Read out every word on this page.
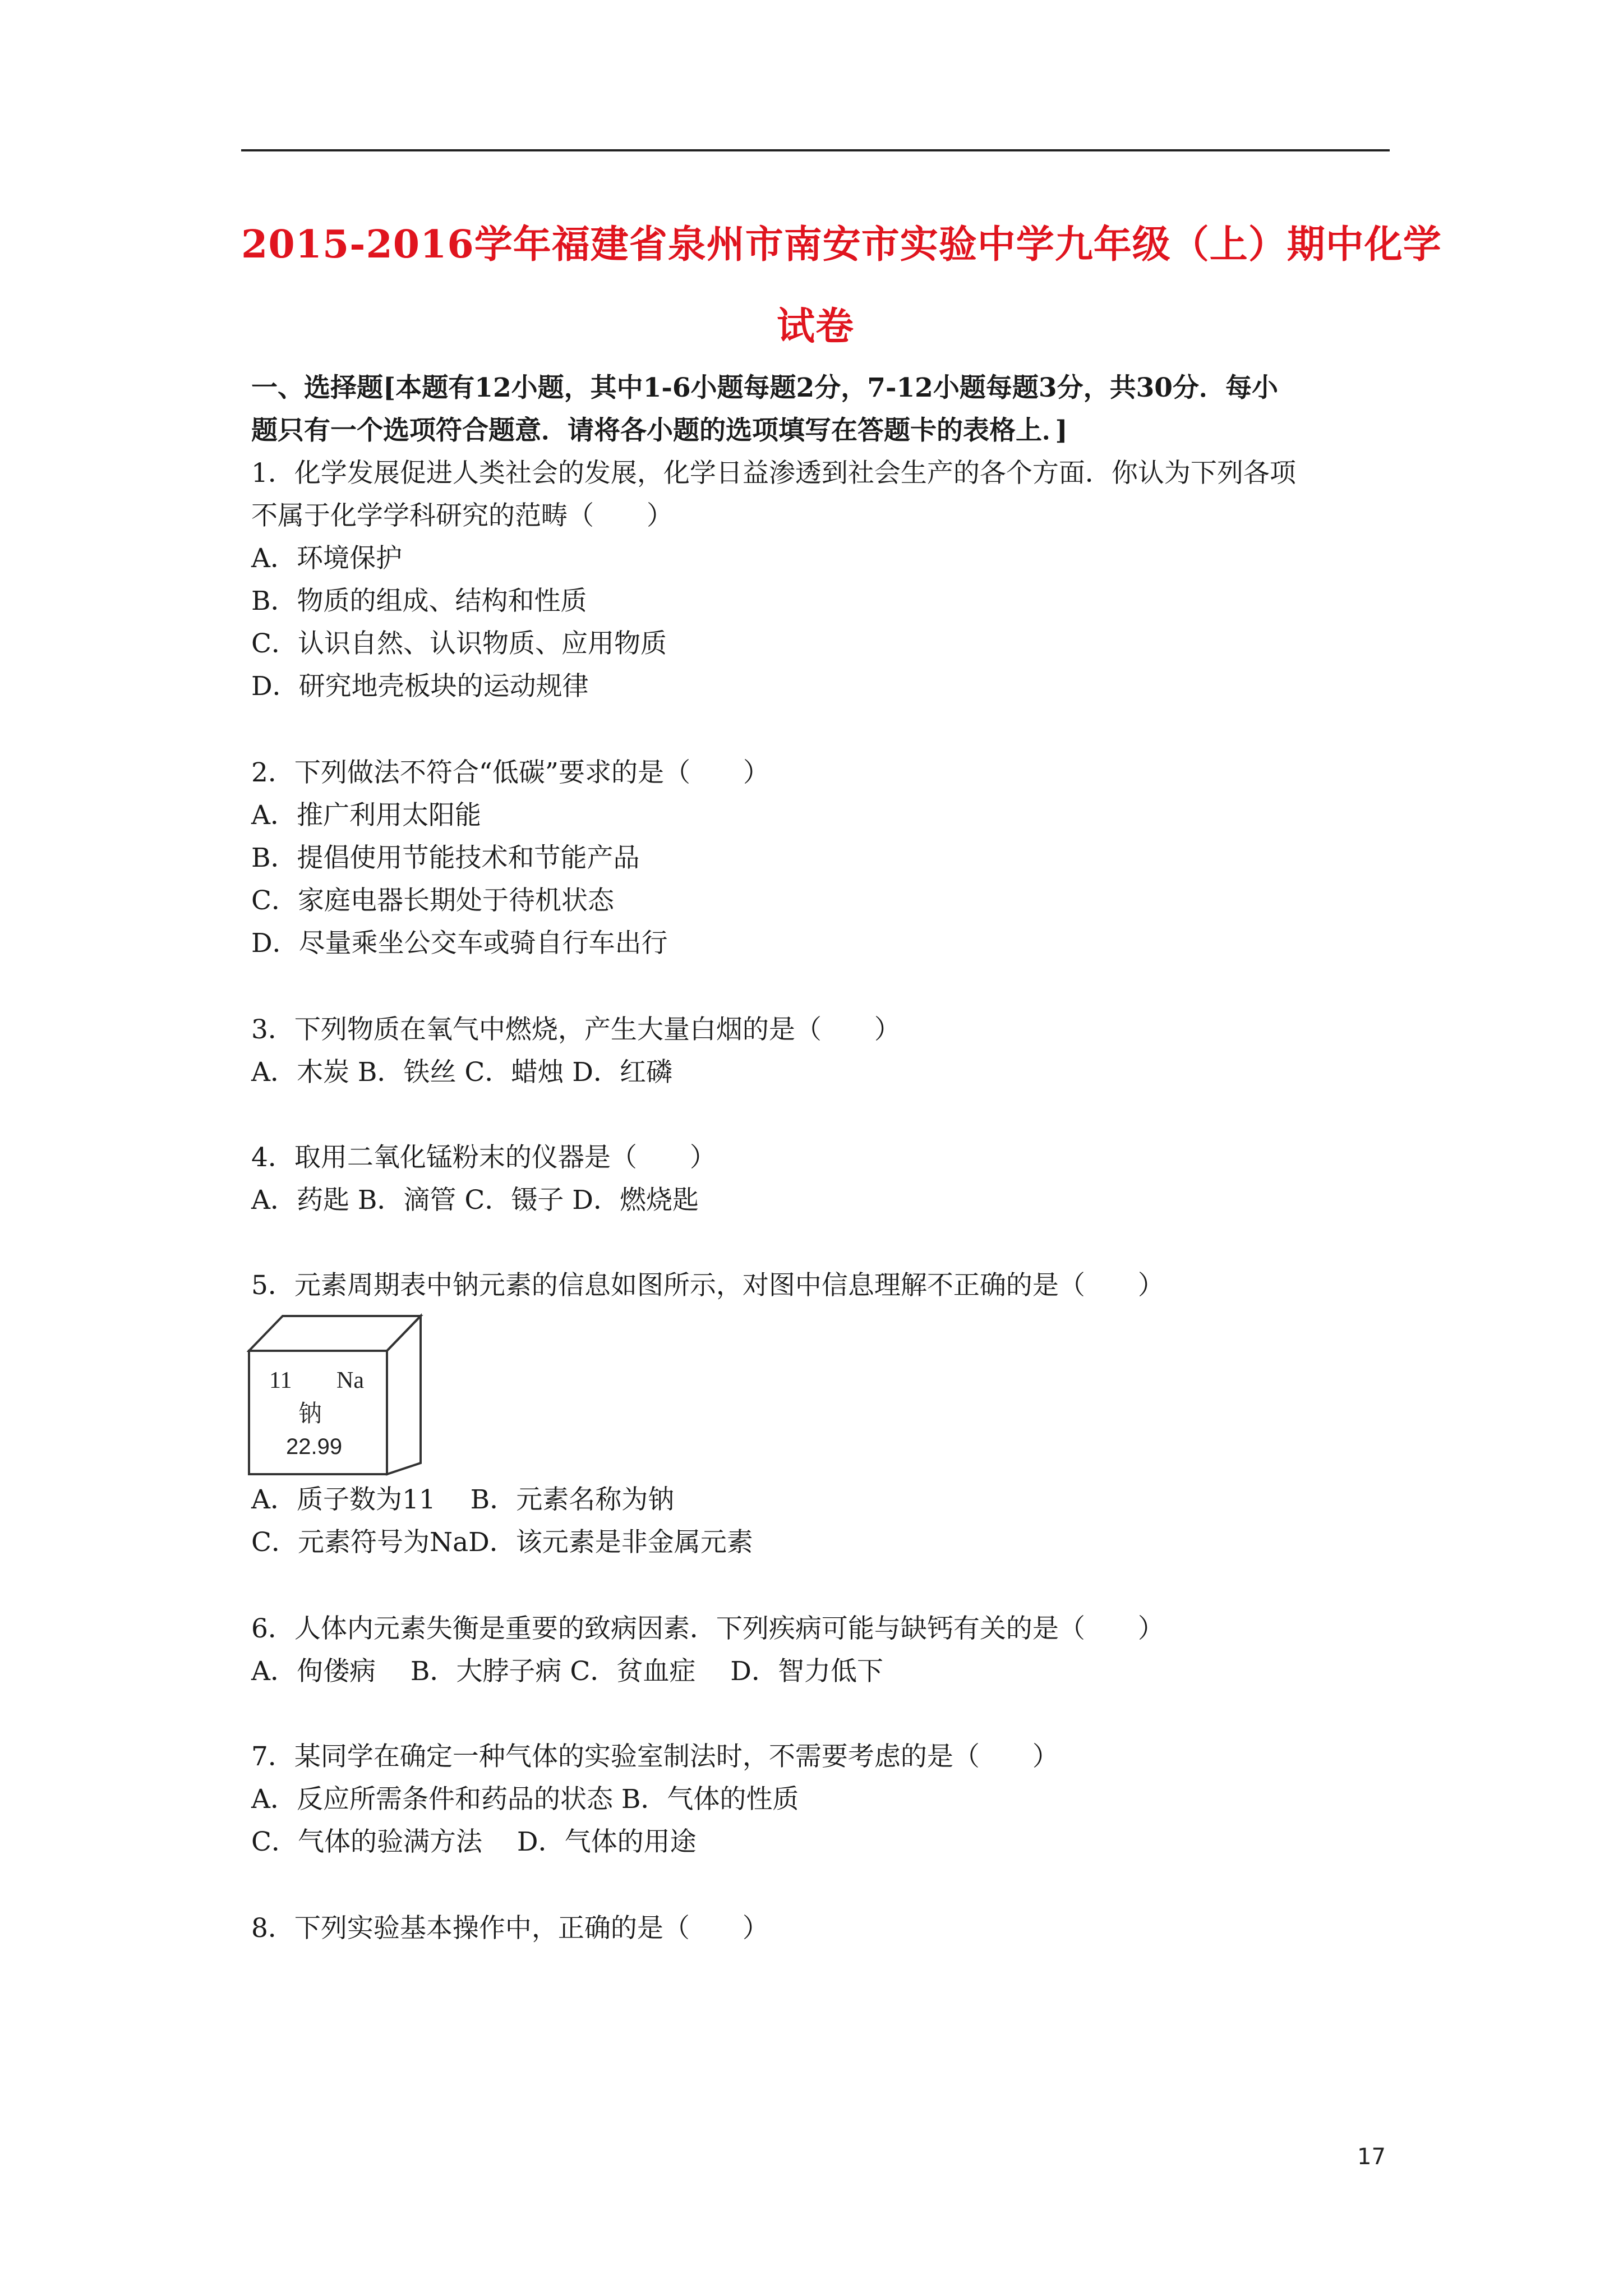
2015-2016学年福建省泉州市南安市实验中学九年级（上）期中化学
试卷
一、选择题[本题有12小题，其中1-6小题每题2分，7-12小题每题3分，共30分．每小
题只有一个选项符合题意．请将各小题的选项填写在答题卡的表格上．]
1．化学发展促进人类社会的发展，化学日益渗透到社会生产的各个方面．你认为下列各项
不属于化学学科研究的范畴（　　）
A．环境保护
B．物质的组成、结构和性质
C．认识自然、认识物质、应用物质
D．研究地壳板块的运动规律
2．下列做法不符合“低碳”要求的是（　　）
A．推广利用太阳能
B．提倡使用节能技术和节能产品
C．家庭电器长期处于待机状态
D．尽量乘坐公交车或骑自行车出行
3．下列物质在氧气中燃烧，产生大量白烟的是（　　）
A．木炭 B．铁丝 C．蜡烛 D．红磷
4．取用二氧化锰粉末的仪器是（　　）
A．药匙 B．滴管 C．镊子 D．燃烧匙
5．元素周期表中钠元素的信息如图所示，对图中信息理解不正确的是（　　）
11 Na
钠
22.99
A．质子数为11　 B．元素名称为钠
C．元素符号为NaD．该元素是非金属元素
6．人体内元素失衡是重要的致病因素．下列疾病可能与缺钙有关的是（　　）
A．佝偻病　 B．大脖子病 C．贫血症　 D．智力低下
7．某同学在确定一种气体的实验室制法时，不需要考虑的是（　　）
A．反应所需条件和药品的状态 B．气体的性质
C．气体的验满方法　 D．气体的用途
8．下列实验基本操作中，正确的是（　　）
17
